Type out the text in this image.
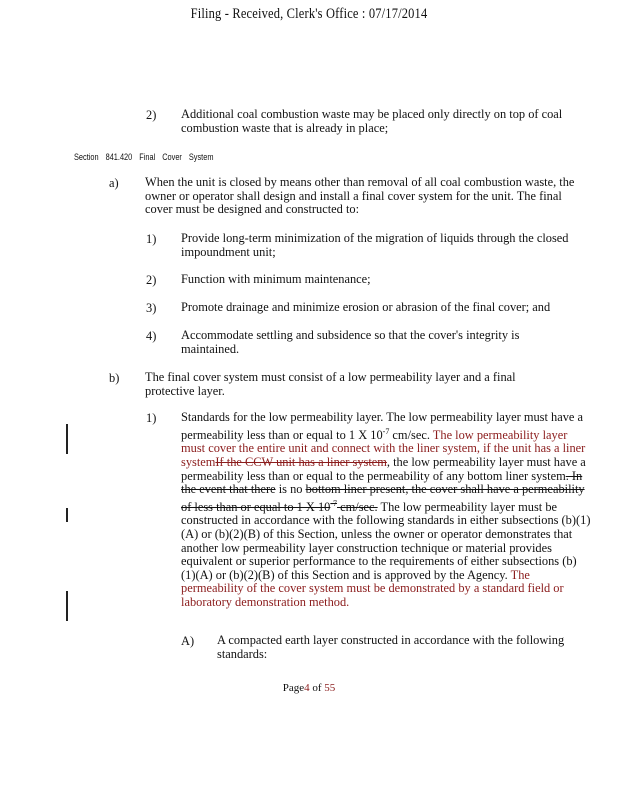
Filing - Received, Clerk's Office : 07/17/2014
2) Additional coal combustion waste may be placed only directly on top of coal combustion waste that is already in place;
Section 841.420 Final Cover System
a) When the unit is closed by means other than removal of all coal combustion waste, the owner or operator shall design and install a final cover system for the unit. The final cover must be designed and constructed to:
1) Provide long-term minimization of the migration of liquids through the closed impoundment unit;
2) Function with minimum maintenance;
3) Promote drainage and minimize erosion or abrasion of the final cover; and
4) Accommodate settling and subsidence so that the cover's integrity is maintained.
b) The final cover system must consist of a low permeability layer and a final protective layer.
1) Standards for the low permeability layer. The low permeability layer must have a permeability less than or equal to 1 X $10^{-7}$ cm/sec. The low permeability layer must cover the entire unit and connect with the liner system, if the unit has a liner systemIf the CCW unit has a liner system, the low permeability layer must have a permeability less than or equal to the permeability of any bottom liner system. In the event that there is no bottom liner present, the cover shall have a permeability of less than or equal to 1 X $10^{-7}$ cm/sec. The low permeability layer must be constructed in accordance with the following standards in either subsections (b)(1)(A) or (b)(2)(B) of this Section, unless the owner or operator demonstrates that another low permeability layer construction technique or material provides equivalent or superior performance to the requirements of either subsections (b)(1)(A) or (b)(2)(B) of this Section and is approved by the Agency. The permeability of the cover system must be demonstrated by a standard field or laboratory demonstration method.
A) A compacted earth layer constructed in accordance with the following standards:
Page4 of 55
